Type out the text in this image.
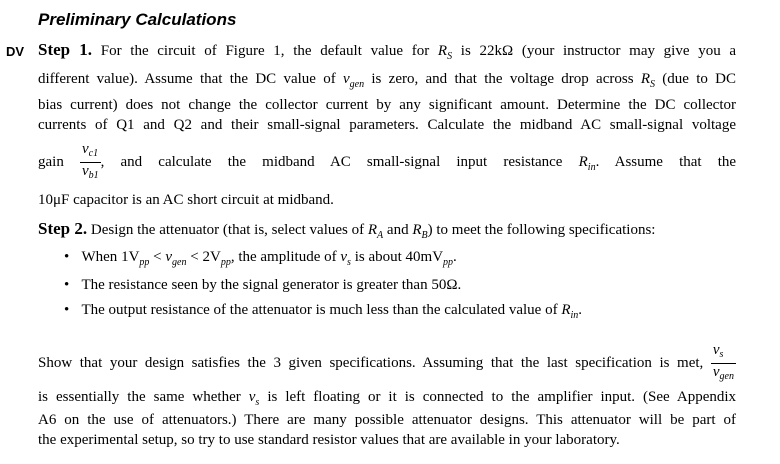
Preliminary Calculations
DV Step 1. For the circuit of Figure 1, the default value for $R_S$ is 22kΩ (your instructor may give you a
different value). Assume that the DC value of $v_{gen}$ is zero, and that the voltage drop across $R_S$ (due to DC
bias current) does not change the collector current by any significant amount. Determine the DC collector
currents of Q1 and Q2 and their small-signal parameters. Calculate the midband AC small-signal voltage
gain $\frac{v_{c1}}{v_{b1}}$ , and calculate the midband AC small-signal input resistance $R_{in}$. Assume that the
10μF capacitor is an AC short circuit at midband.
Step 2. Design the attenuator (that is, select values of $R_A$ and $R_B$) to meet the following specifications:
• When $1V_{pp} < v_{gen} < 2V_{pp}$, the amplitude of $v_s$ is about $40mV_{pp}$.
• The resistance seen by the signal generator is greater than 50Ω.
• The output resistance of the attenuator is much less than the calculated value of $R_{in}$.
Show that your design satisfies the 3 given specifications. Assuming that the last specification is met, $\frac{v_s}{v_{gen}}$
is essentially the same whether $v_s$ is left floating or it is connected to the amplifier input. (See Appendix
A6 on the use of attenuators.) There are many possible attenuator designs. This attenuator will be part of
the experimental setup, so try to use standard resistor values that are available in your laboratory.
